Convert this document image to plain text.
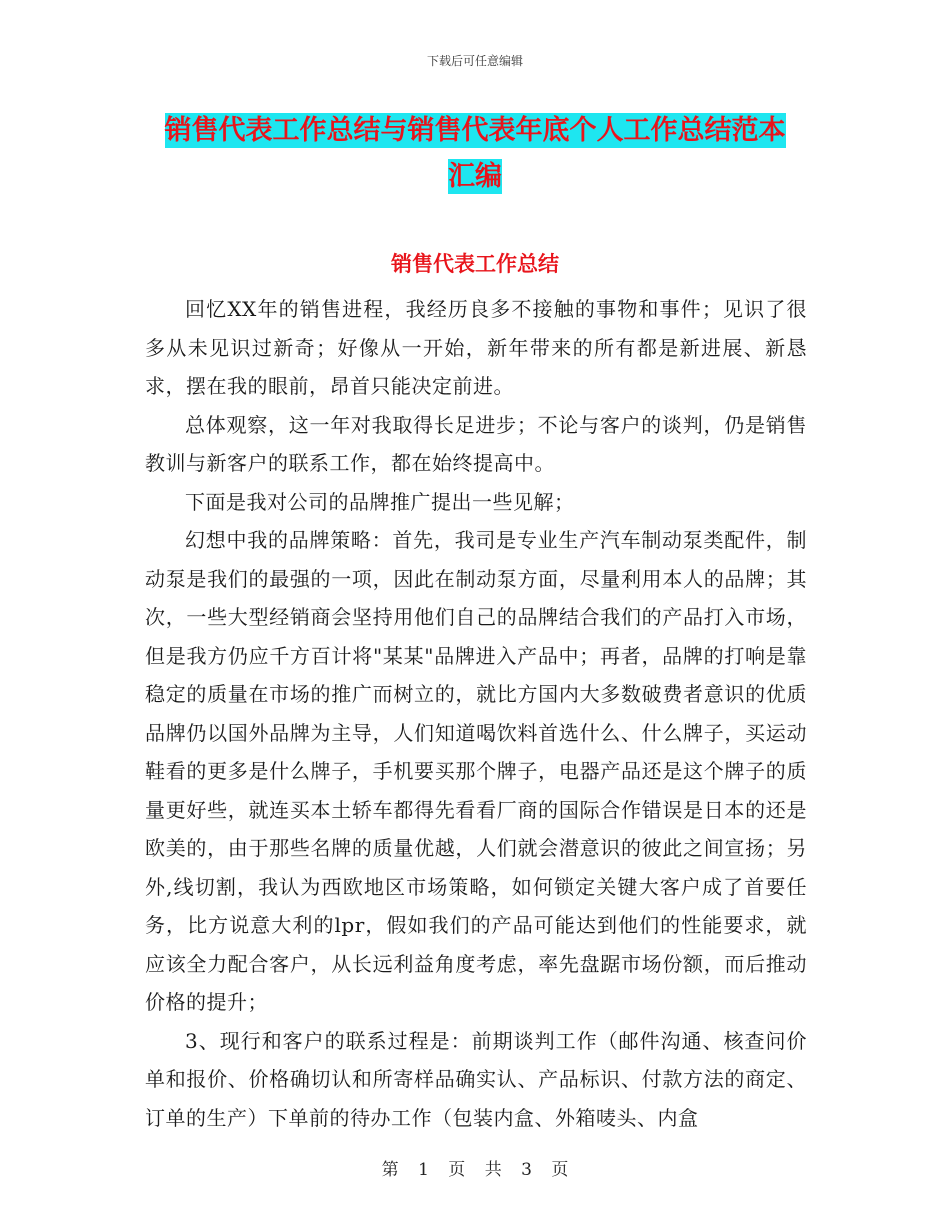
下载后可任意编辑
销售代表工作总结与销售代表年底个人工作总结范本
汇编
销售代表工作总结

回忆XX年的销售进程，我经历良多不接触的事物和事件；见识了很多从未见识过新奇；好像从一开始，新年带来的所有都是新进展、新恳求，摆在我的眼前，昂首只能决定前进。

总体观察，这一年对我取得长足进步；不论与客户的谈判，仍是销售教训与新客户的联系工作，都在始终提高中。

下面是我对公司的品牌推广提出一些见解；

幻想中我的品牌策略：首先，我司是专业生产汽车制动泵类配件，制动泵是我们的最强的一项，因此在制动泵方面，尽量利用本人的品牌；其次，一些大型经销商会坚持用他们自己的品牌结合我们的产品打入市场，但是我方仍应千方百计将"某某"品牌进入产品中；再者，品牌的打响是靠稳定的质量在市场的推广而树立的，就比方国内大多数破费者意识的优质品牌仍以国外品牌为主导，人们知道喝饮料首选什么、什么牌子，买运动鞋看的更多是什么牌子，手机要买那个牌子，电器产品还是这个牌子的质量更好些，就连买本土轿车都得先看看厂商的国际合作错误是日本的还是欧美的，由于那些名牌的质量优越，人们就会潜意识的彼此之间宣扬；另外,线切割，我认为西欧地区市场策略，如何锁定关键大客户成了首要任务，比方说意大利的lpr，假如我们的产品可能达到他们的性能要求，就应该全力配合客户，从长远利益角度考虑，率先盘踞市场份额，而后推动价格的提升；

3、现行和客户的联系过程是：前期谈判工作（邮件沟通、核查问价单和报价、价格确切认和所寄样品确实认、产品标识、付款方法的商定、订单的生产）下单前的待办工作（包装内盒、外箱唛头、内盒

第 1 页 共 3 页
